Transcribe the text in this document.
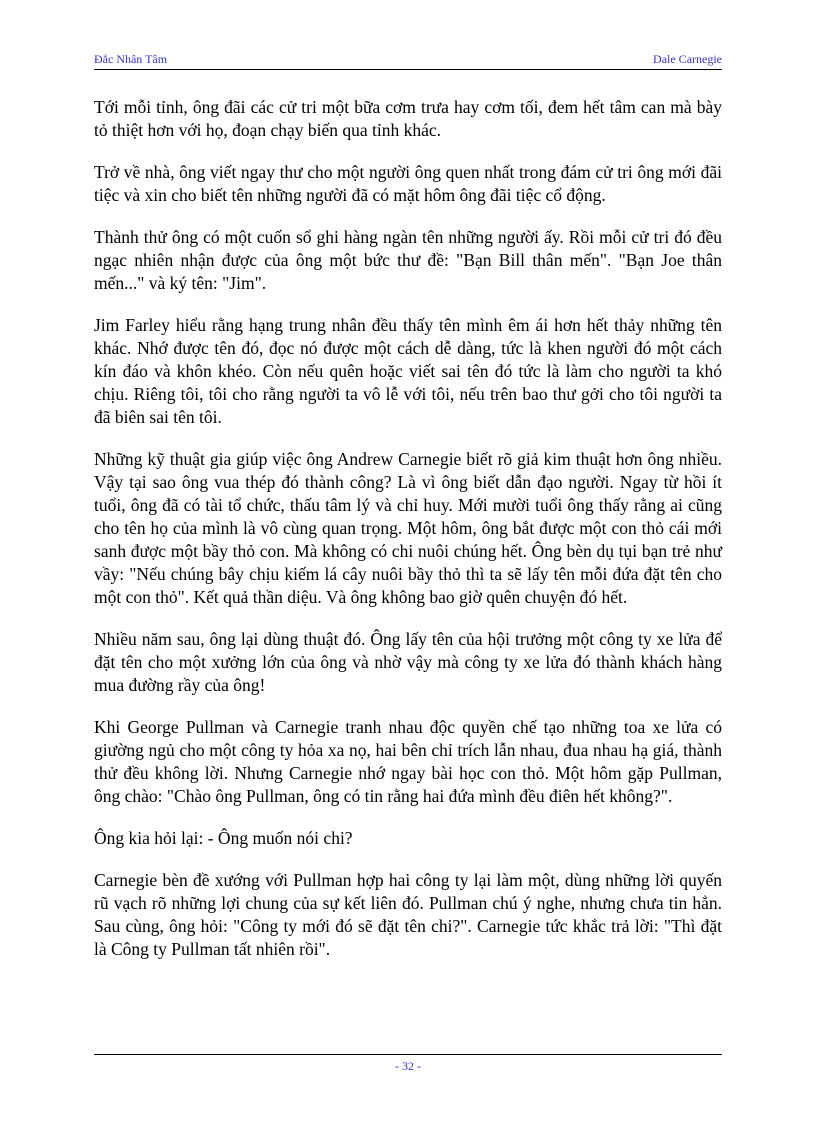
Đắc Nhân Tâm	Dale Carnegie

Tới mỗi tỉnh, ông đãi các cử tri một bữa cơm trưa hay cơm tối, đem hết tâm can mà bày tỏ thiệt hơn với họ, đoạn chạy biến qua tỉnh khác.

Trở về nhà, ông viết ngay thư cho một người ông quen nhất trong đám cử tri ông mới đãi tiệc và xin cho biết tên những người đã có mặt hôm ông đãi tiệc cổ động.

Thành thử ông có một cuốn sổ ghi hàng ngàn tên những người ấy. Rồi mỗi cử tri đó đều ngạc nhiên nhận được của ông một bức thư đề: "Bạn Bill thân mến". "Bạn Joe thân mến..." và ký tên: "Jim".

Jim Farley hiểu rằng hạng trung nhân đều thấy tên mình êm ái hơn hết thảy những tên khác. Nhớ được tên đó, đọc nó được một cách dễ dàng, tức là khen người đó một cách kín đáo và khôn khéo. Còn nếu quên hoặc viết sai tên đó tức là làm cho người ta khó chịu. Riêng tôi, tôi cho rằng người ta vô lễ với tôi, nếu trên bao thư gởi cho tôi người ta đã biên sai tên tôi.

Những kỹ thuật gia giúp việc ông Andrew Carnegie biết rõ giả kim thuật hơn ông nhiều. Vậy tại sao ông vua thép đó thành công? Là vì ông biết dẫn đạo người. Ngay từ hồi ít tuổi, ông đã có tài tổ chức, thấu tâm lý và chỉ huy. Mới mười tuổi ông thấy rằng ai cũng cho tên họ của mình là vô cùng quan trọng. Một hôm, ông bắt được một con thỏ cái mới sanh được một bầy thỏ con. Mà không có chi nuôi chúng hết. Ông bèn dụ tụi bạn trẻ như vầy: "Nếu chúng bây chịu kiếm lá cây nuôi bầy thỏ thì ta sẽ lấy tên mỗi đứa đặt tên cho một con thỏ". Kết quả thần diệu. Và ông không bao giờ quên chuyện đó hết.

Nhiều năm sau, ông lại dùng thuật đó. Ông lấy tên của hội trưởng một công ty xe lửa để đặt tên cho một xưởng lớn của ông và nhờ vậy mà công ty xe lửa đó thành khách hàng mua đường rầy của ông!

Khi George Pullman và Carnegie tranh nhau độc quyền chế tạo những toa xe lửa có giường ngủ cho một công ty hỏa xa nọ, hai bên chỉ trích lẫn nhau, đua nhau hạ giá, thành thử đều không lời. Nhưng Carnegie nhớ ngay bài học con thỏ. Một hôm gặp Pullman, ông chào: "Chào ông Pullman, ông có tin rằng hai đứa mình đều điên hết không?".

Ông kia hỏi lại: - Ông muốn nói chi?

Carnegie bèn đề xướng với Pullman hợp hai công ty lại làm một, dùng những lời quyến rũ vạch rõ những lợi chung của sự kết liên đó. Pullman chú ý nghe, nhưng chưa tin hẳn. Sau cùng, ông hỏi: "Công ty mới đó sẽ đặt tên chi?". Carnegie tức khắc trả lời: "Thì đặt là Công ty Pullman tất nhiên rồi".

- 32 -
